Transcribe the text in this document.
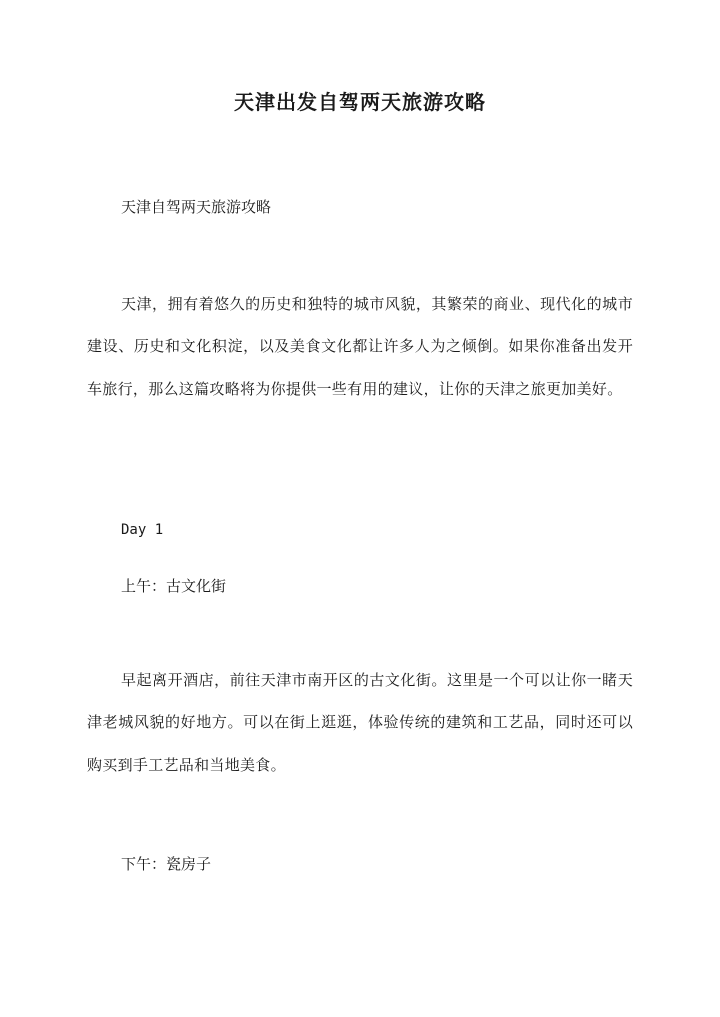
天津出发自驾两天旅游攻略
天津自驾两天旅游攻略
天津，拥有着悠久的历史和独特的城市风貌，其繁荣的商业、现代化的城市建设、历史和文化积淀，以及美食文化都让许多人为之倾倒。如果你准备出发开车旅行，那么这篇攻略将为你提供一些有用的建议，让你的天津之旅更加美好。
Day 1
上午：古文化街
早起离开酒店，前往天津市南开区的古文化街。这里是一个可以让你一睹天津老城风貌的好地方。可以在街上逛逛，体验传统的建筑和工艺品，同时还可以购买到手工艺品和当地美食。
下午：瓷房子
